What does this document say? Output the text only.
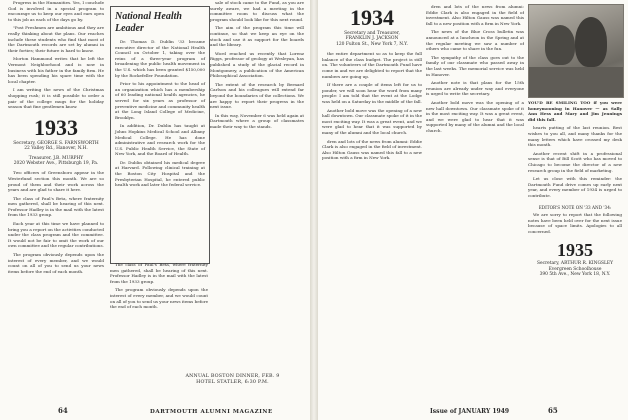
Progress in the Humanities. Yes, I conclude God is involved in a special program to encourage us to keep our eyes and ears open to this job as each of the days go by.

"Post Freshmen are ambitious and they are really thinking about the plans. Our reaches include these students who find that most of the Dartmouth records are set by alumni in their forties; their future is hard to know.

Morton Hammond writes that he left the Vermont Neighborhood and is now in business with his father in the family firm. He has been spending his spare time with the local chapter.

I am writing the news of the Christmas shopping rush; it is still possible to order a pair of the college mugs for the holiday season that fine gentlemen know.

1933
Secretary, GEORGE S. FARNSWORTH
22 Valley Rd., Hanover, N.H.
Treasurer, J.B. MURPHY
2020 Webster Ave., Pittsburgh 19, Pa.

Two officers of Greensboro appear in the Westerlund section this month. We are so proud of them and their work across the years and are glad to share it here.

The class of Paul's Beta, where fraternity men gathered, shall be hearing of this next. Professor Hadley is in the mail with the latest from the 1933 group.

Each year at this time we have planned to bring you a report on the activities conducted under the class program and the committee. It would not be fair to omit the work of our own committee and the regular contributions.

The program obviously depends upon the interest of every member, and we would count on all of you to send us your news items before the end of each month.

National Health Leader

Dr. Thomas D. Dublin '33 became executive director of the National Health Council on October 1, taking over the reins of a three-year program of broadening the public health movement in the U.S. which has been granted $150,000 by the Rockefeller Foundation.

Prior to his appointment to the head of an organization which has a membership of 60 leading national health agencies, he served for six years as professor of preventive medicine and community health at the Long Island College of Medicine, Brooklyn.

In addition, Dr. Dublin has taught at Johns Hopkins Medical School and Albany Medical College. He has done administrative and research work for the U.S. Public Health Service, the State of New York, and the Board of Health.

Dr. Dublin obtained his medical degree at Harvard. Following clinical training at the Boston City Hospital and the Presbyterian Hospital, he entered public health work and later the federal service.

The class of Paul's Beta, where fraternity men gathered, shall be hearing of this next. Professor Hadley is in the mail with the latest from the 1933 group.

The program obviously depends upon the interest of every member, and we would count on all of you to send us your news items before the end of each month.

sale of stock came to the Fund, as you are surely aware, we had a meeting in the committee room to discuss what the program should look like for this next round.

The aim of the program this time will continue, so that we keep an eye on the stock and use it as support for the boards and the library.

Word reached us recently that Lorenz Riggs, professor of geology at Wesleyan, has published a study of the glacial record in Montgomery, a publication of the American Philosophical Association.

The extent of the research by Bernard Carlson and his colleagues will extend far beyond the boundaries of the collections. We are happy to report their progress in the next issue.

In this way, November 6 was held again at Dartmouth where a group of classmates made their way to the stands.

ANNUAL BOSTON DINNER, FEB. 9
HOTEL STATLER, 6:30 P.M.
64	DARTMOUTH ALUMNI MAGAZINE
1934
Secretary and Treasurer,
FRANKLIN J. JACKSON
120 Fulton St., New York 7, N.Y.

the entire department so as to keep the full balance of the class budget. The project is still on. The volunteers of the Dartmouth Fund have come in and we are delighted to report that the numbers are going up.

If there are a couple of items left for us to ponder, we will soon hear the word from many people: I am told that the event at the Lodge was held on a Saturday in the middle of the fall.

Another bold move was the opening of a new hall downtown. Our classmate spoke of it in the most exciting way. It was a great event, and we were glad to hear that it was supported by many of the alumni and the local church.

dren and lots of the news from alumni: Eddie Clark is also engaged in the field of investment. Also Hilton Gauss was named this fall to a new position with a firm in New York.

dren and lots of the news from alumni: Eddie Clark is also engaged in the field of investment. Also Hilton Gauss was named this fall to a new position with a firm in New York.

The news of the Blue Cross bulletin was announced at a luncheon in the Spring and at the regular meeting we saw a number of others who came to share in the fun.

The sympathy of the class goes out to the family of our classmate who passed away in the last weeks. The memorial service was held in Hanover.

Another note is that plans for the 15th reunion are already under way and everyone is urged to write the secretary.

Another bold move was the opening of a new hall downtown. Our classmate spoke of it in the most exciting way. It was a great event, and we were glad to hear that it was supported by many of the alumni and the local church.

YOU'D BE SMILING TOO if you were honeymooning in Hanover — as Sally Ann Hess and Mary and Jim Jennings did this fall.

hearts putting of the last reunion. Best wishes to you all, and many thanks for the many letters which have crossed my desk this month.

Another recent shift in a professional sense is that of Bill Scott who has moved to Chicago to become the director of a new research group in the field of marketing.

Let us close with this reminder: the Dartmouth Fund drive comes up early next year, and every member of 1934 is urged to contribute.

EDITOR'S NOTE ON '33 AND '34:

We are sorry to report that the following notes have been held over for the next issue because of space limits. Apologies to all concerned.

1935
Secretary, ARTHUR R. KINGSLEY
Evergreen Schoolhouse
390 5th Ave., New York 18, N.Y.
Issue of JANUARY 1949	65
